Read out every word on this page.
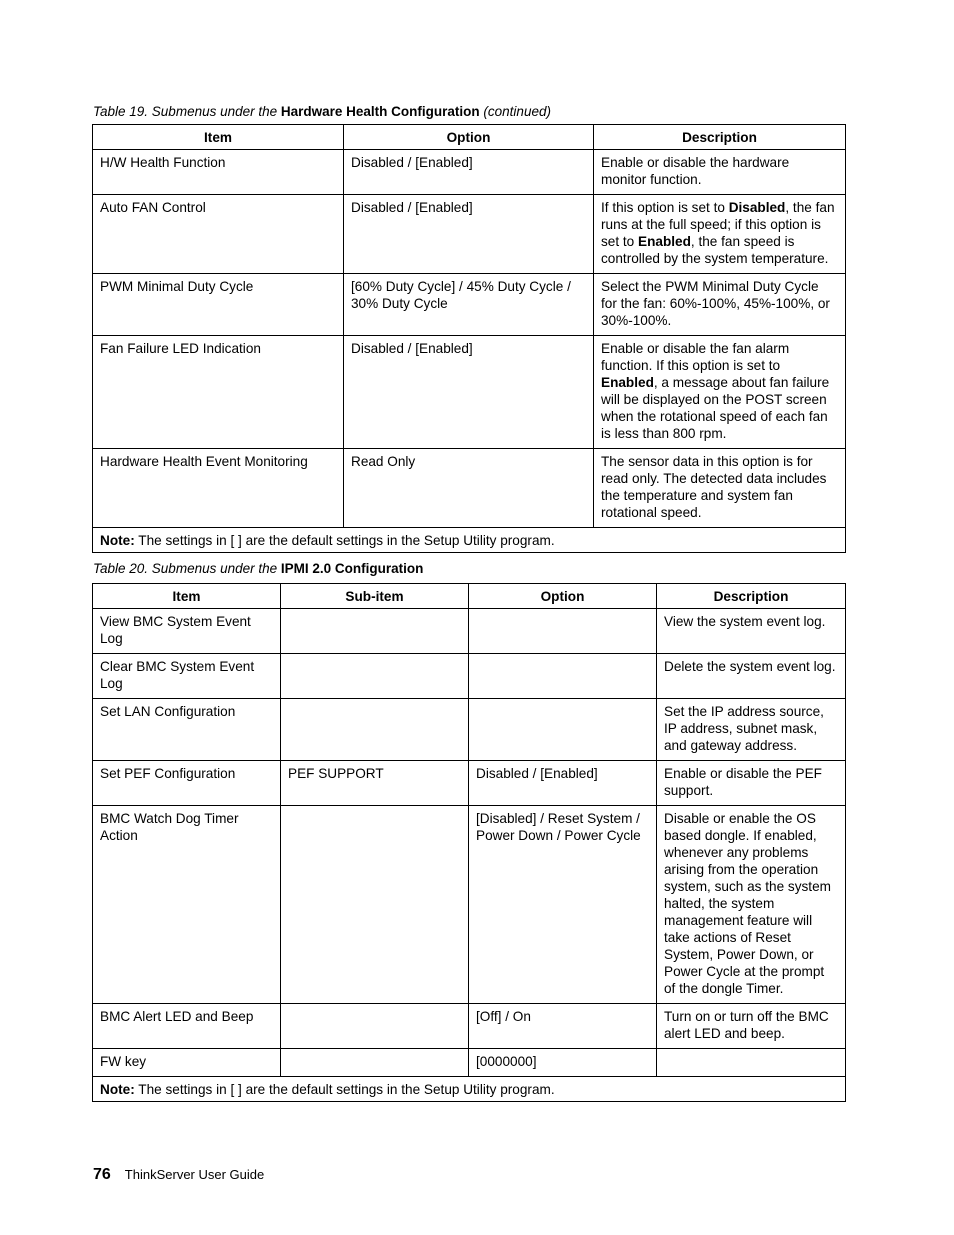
Table 19. Submenus under the Hardware Health Configuration (continued)
Item	Option	Description
H/W Health Function	Disabled / [Enabled]	Enable or disable the hardware monitor function.
Auto FAN Control	Disabled / [Enabled]	If this option is set to Disabled, the fan runs at the full speed; if this option is set to Enabled, the fan speed is controlled by the system temperature.
PWM Minimal Duty Cycle	[60% Duty Cycle] / 45% Duty Cycle / 30% Duty Cycle	Select the PWM Minimal Duty Cycle for the fan: 60%-100%, 45%-100%, or 30%-100%.
Fan Failure LED Indication	Disabled / [Enabled]	Enable or disable the fan alarm function. If this option is set to Enabled, a message about fan failure will be displayed on the POST screen when the rotational speed of each fan is less than 800 rpm.
Hardware Health Event Monitoring	Read Only	The sensor data in this option is for read only. The detected data includes the temperature and system fan rotational speed.
Note: The settings in [ ] are the default settings in the Setup Utility program.		
Table 20. Submenus under the IPMI 2.0 Configuration
Item	Sub-item	Option	Description
View BMC System Event Log			View the system event log.
Clear BMC System Event Log			Delete the system event log.
Set LAN Configuration			Set the IP address source, IP address, subnet mask, and gateway address.
Set PEF Configuration	PEF SUPPORT	Disabled / [Enabled]	Enable or disable the PEF support.
BMC Watch Dog Timer Action		[Disabled] / Reset System / Power Down / Power Cycle	Disable or enable the OS based dongle. If enabled, whenever any problems arising from the operation system, such as the system halted, the system management feature will take actions of Reset System, Power Down, or Power Cycle at the prompt of the dongle Timer.
BMC Alert LED and Beep		[Off] / On	Turn on or turn off the BMC alert LED and beep.
FW key		[0000000]	
Note: The settings in [ ] are the default settings in the Setup Utility program.			
76 ThinkServer User Guide
